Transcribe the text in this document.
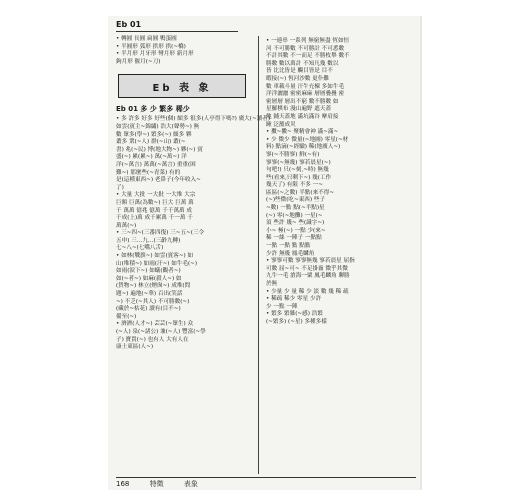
Eb 01
• 轉圓 長圓 扁圓 鴨蛋圓
• 半圓形 弧形 拱形 拱(~橋)
• 半月形 月牙形 彎月形 新月形
鉤月形 偃月(~刀)
Eb 表 象
Eb 01 多 少 繁多 稀少
• 多 許多 好多 好些(個) 頗多 很多(人亭得下嗎?) 廣大(~讀者)
如雲(賓主~錦繡) 浩大(聲勢~) 無
數 眾多(學~) 繁多(~) 頗多 夥
叢多 衆(~人) 群(~山) 叢(~
書) 兆(~民) 博(地大物~) 夥(~) 賓
盛(~) 累(累~) 萬(~萬~) 洋
洋(~萬言) 萬萬(~萬言) 重重(困
難~) 那麼些(~青菜) 有的
是(這種東西~) 老鼻子(今年收入~
了)
• 大量 大批 一大批 一大堆 大宗
巨額 巨萬(為數~) 巨大 巨萬 萬
千 萬萬 億兆 億萬 千千萬萬 成
千成(上)萬 成千累萬 千一萬 千
萬萬(~)
• 三~四~(三番四復) 三~五~(三令
五申) 三…九…(三齡九轉)
七~八~(七嘴八舌)
• 如林(戰旗~) 如雲(賓客~) 如
山(堆積~) 如雨(汗~) 如牛毛(~)
如雨(淚下~) 如蟻(觀者~)
如(~者~) 如麻(殺人~) 如
(貨物~) 林立(煙囪~) 成堆(問
題~) 遍地(~華) 百出(笑話
~) 不乏(~其人) 不可勝數(~)
(藏於~枯花) 讀有(目不~)
備至(~)
• 濟濟(人才~) 芸芸(~眾生) 众
(~人) 泉(~諸公) 兼(~人) 豐富(~學
子) 寶貴(~) 也有人 大有人在
康士東區(人~)
• 一連串 一系列 無窮無盡 恆如恒
河 不可勝數 不可勝計 不可悉數
不計其數 不一而足 不勝枚舉 數不
勝數 數以萬計 不知凡幾 數以
皆 比比皆是 觸目皆是 目不
暇接(~) 恆河沙數 更仆難
數 車載斗量 汗牛充棟 多如牛毛
洋洋灑灑 密密麻麻 層層疊疊 密
密層層 層出不窮 數不勝數 如
星羅棋布 漫山遍野 遮天蓋
地 鋪天蓋地 滿坑滿谷 摩肩接
踵 泛濫成災
• 擻~擻~ 聚精會神 滿~滿~
• 少 微少 微量(~地圖) 零星(~材
料) 點滴(~經驗) 稀(地廣人~)
寥(~不勝寥) 鮮(~有)
寥寥(~無幾) 寥若晨星(~)
句吧!) 只(~刻,~時) 無幾
些(看來,只剩下~) 幾(工作
幾天了) 有限 不多 一~
區區(~之數) 半點(來不得~
(~)些微(吃~東西) 些子
~數) 一點 點(~半點)星
(~) 零(~地攤) 一星(~
須 些許 幾~ 些(識字~)
小~ 極(~) 一點 少(來~
稀 一絲 一陣子 一點點
一點 一點 點 點點
少許 無幾 鳳毛麟角
• 寥寥可數 寥寥無幾 寥若晨星 屈指
可數 屈~可~ 不足掛齒 微乎其微
九牛一毛 滄海一粟 鳳毛麟角 聊勝
於無
• 少量 少 量 稀 少 淡 數 幾 稀 疏
• 稀疏 稀少 零星 少許
少 一點 一陣
• 繁多 繁雜(~感) 浩繁
(~繁多) (~星) 多種多樣
168	特徵	表象
